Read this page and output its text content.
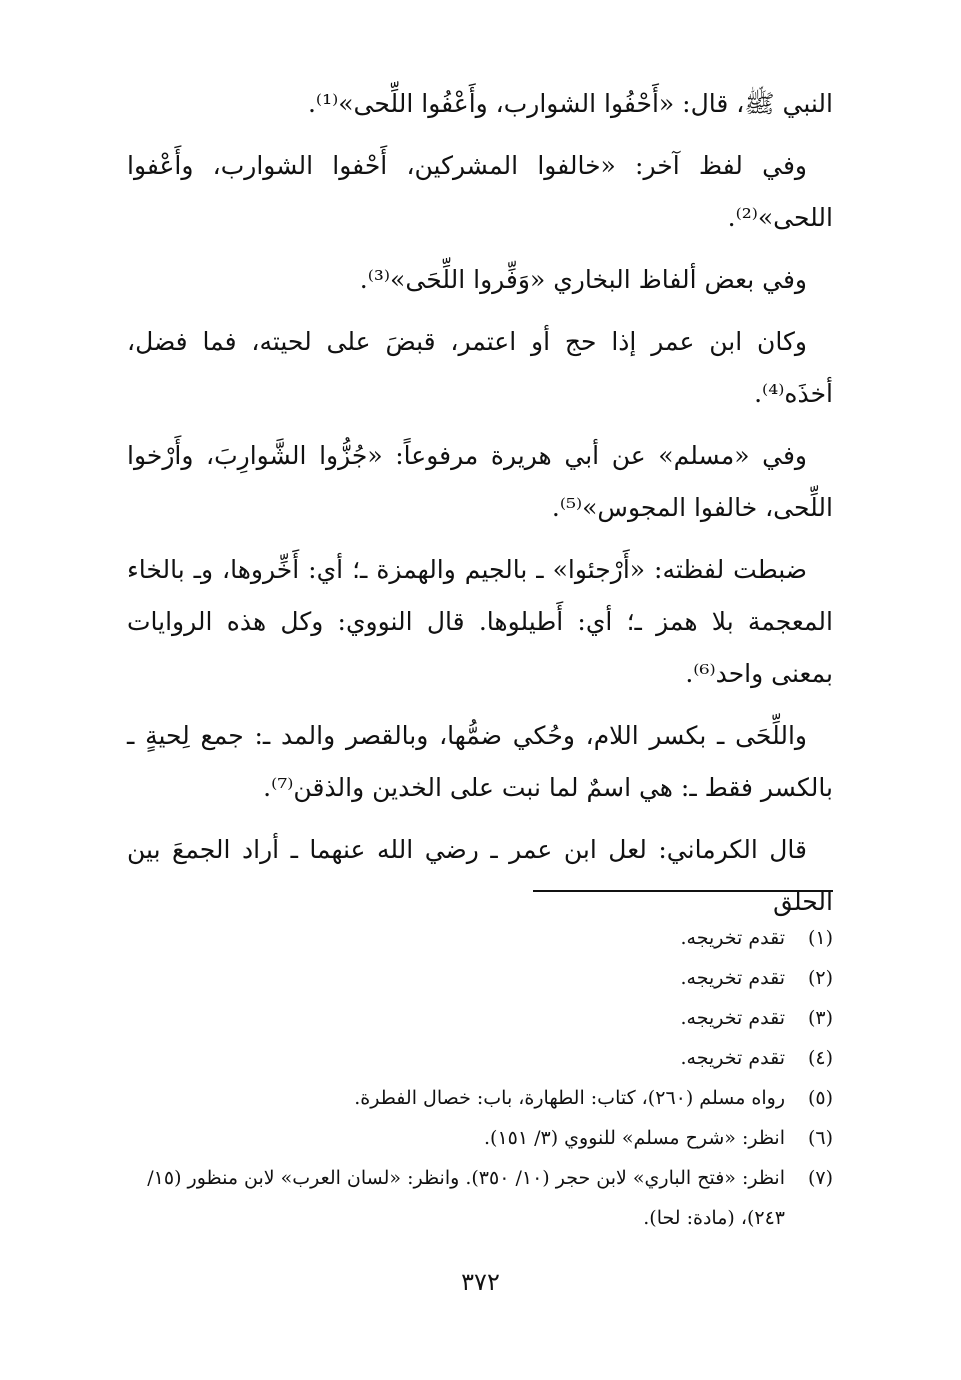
النبي ﷺ، قال: «أَحْفُوا الشوارب، وأَعْفُوا اللِّحى»⁽¹⁾.

وفي لفظ آخر: «خالفوا المشركين، أَحْفوا الشوارب، وأَعْفوا اللحى»⁽²⁾.

وفي بعض ألفاظ البخاري «وَفِّروا اللِّحَى»⁽³⁾.

وكان ابن عمر إذا حج أو اعتمر، قبضَ على لحيته، فما فضل، أخذَه⁽⁴⁾.

وفي «مسلم» عن أبي هريرة مرفوعاً: «جُزُّوا الشَّوارِبَ، وأَرْخوا اللِّحى، خالفوا المجوس»⁽⁵⁾.

ضبطت لفظته: «أَرْجئوا» ـ بالجيم والهمزة ـ؛ أي: أَخِّروها، وـ بالخاء المعجمة بلا همز ـ؛ أي: أَطيلوها. قال النووي: وكل هذه الروايات بمعنى واحد⁽⁶⁾.

واللِّحَى ـ بكسر اللام، وحُكي ضمُّها، وبالقصر والمد ـ: جمع لِحيةٍ ـ بالكسر فقط ـ: هي اسمٌ لما نبت على الخدين والذقن⁽⁷⁾.

قال الكرماني: لعل ابن عمر ـ رضي الله عنهما ـ أراد الجمعَ بين الحلق

(١)
تقدم تخريجه.
(٢)
تقدم تخريجه.
(٣)
تقدم تخريجه.
(٤)
تقدم تخريجه.
(٥)
رواه مسلم (٢٦٠)، كتاب: الطهارة، باب: خصال الفطرة.
(٦)
انظر: «شرح مسلم» للنووي (٣/ ١٥١).
(٧)
انظر: «فتح الباري» لابن حجر (١٠/ ٣٥٠). وانظر: «لسان العرب» لابن منظور (١٥/ ٢٤٣)، (مادة: لحا).
٣٧٢
